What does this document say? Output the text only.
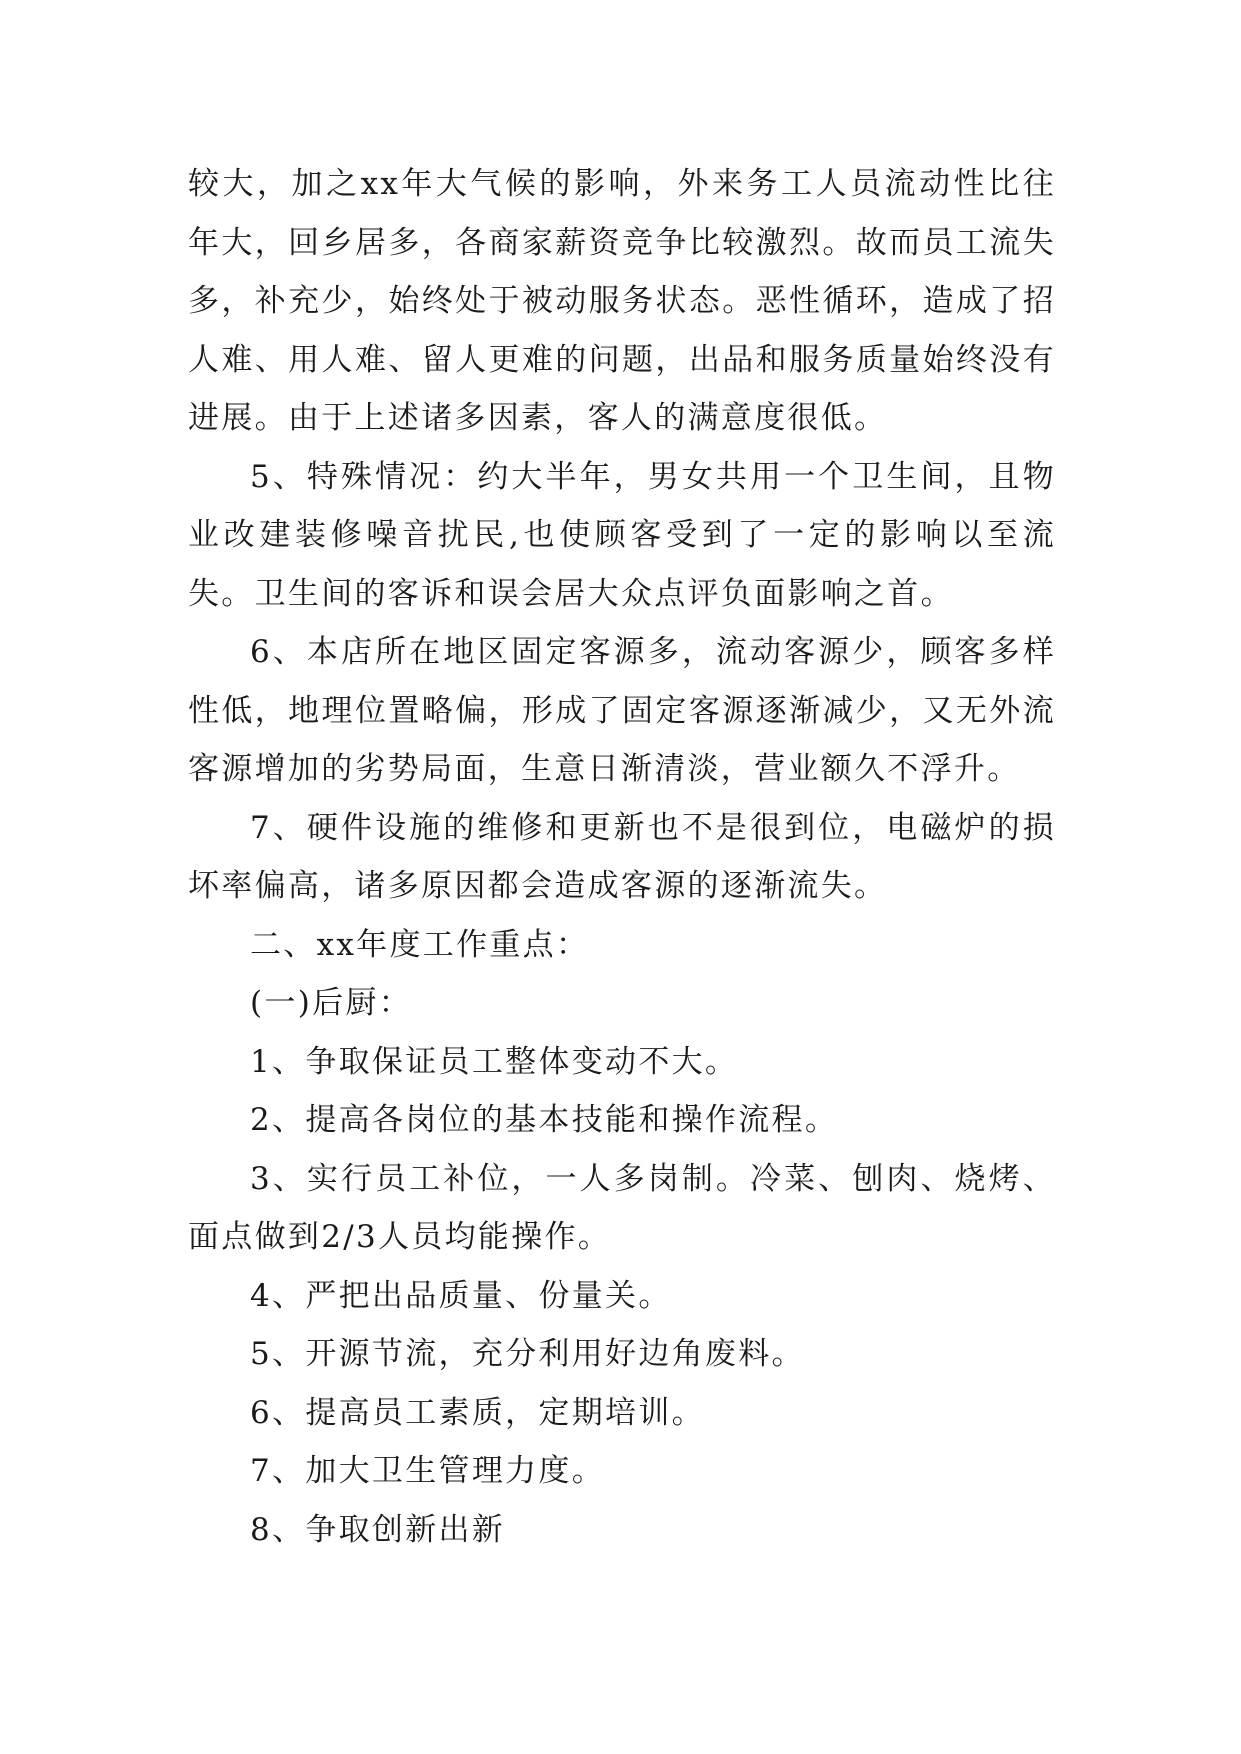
较大，加之xx年大气候的影响，外来务工人员流动性比往年大，回乡居多，各商家薪资竞争比较激烈。故而员工流失多，补充少，始终处于被动服务状态。恶性循环，造成了招人难、用人难、留人更难的问题，出品和服务质量始终没有进展。由于上述诸多因素，客人的满意度很低。

5、特殊情况：约大半年，男女共用一个卫生间，且物业改建装修噪音扰民,也使顾客受到了一定的影响以至流失。卫生间的客诉和误会居大众点评负面影响之首。

6、本店所在地区固定客源多，流动客源少，顾客多样性低，地理位置略偏，形成了固定客源逐渐减少，又无外流客源增加的劣势局面，生意日渐清淡，营业额久不浮升。

7、硬件设施的维修和更新也不是很到位，电磁炉的损坏率偏高，诸多原因都会造成客源的逐渐流失。

二、xx年度工作重点：

(一)后厨：

1、争取保证员工整体变动不大。

2、提高各岗位的基本技能和操作流程。

3、实行员工补位，一人多岗制。冷菜、刨肉、烧烤、面点做到2/3人员均能操作。

4、严把出品质量、份量关。

5、开源节流，充分利用好边角废料。

6、提高员工素质，定期培训。

7、加大卫生管理力度。

8、争取创新出新
